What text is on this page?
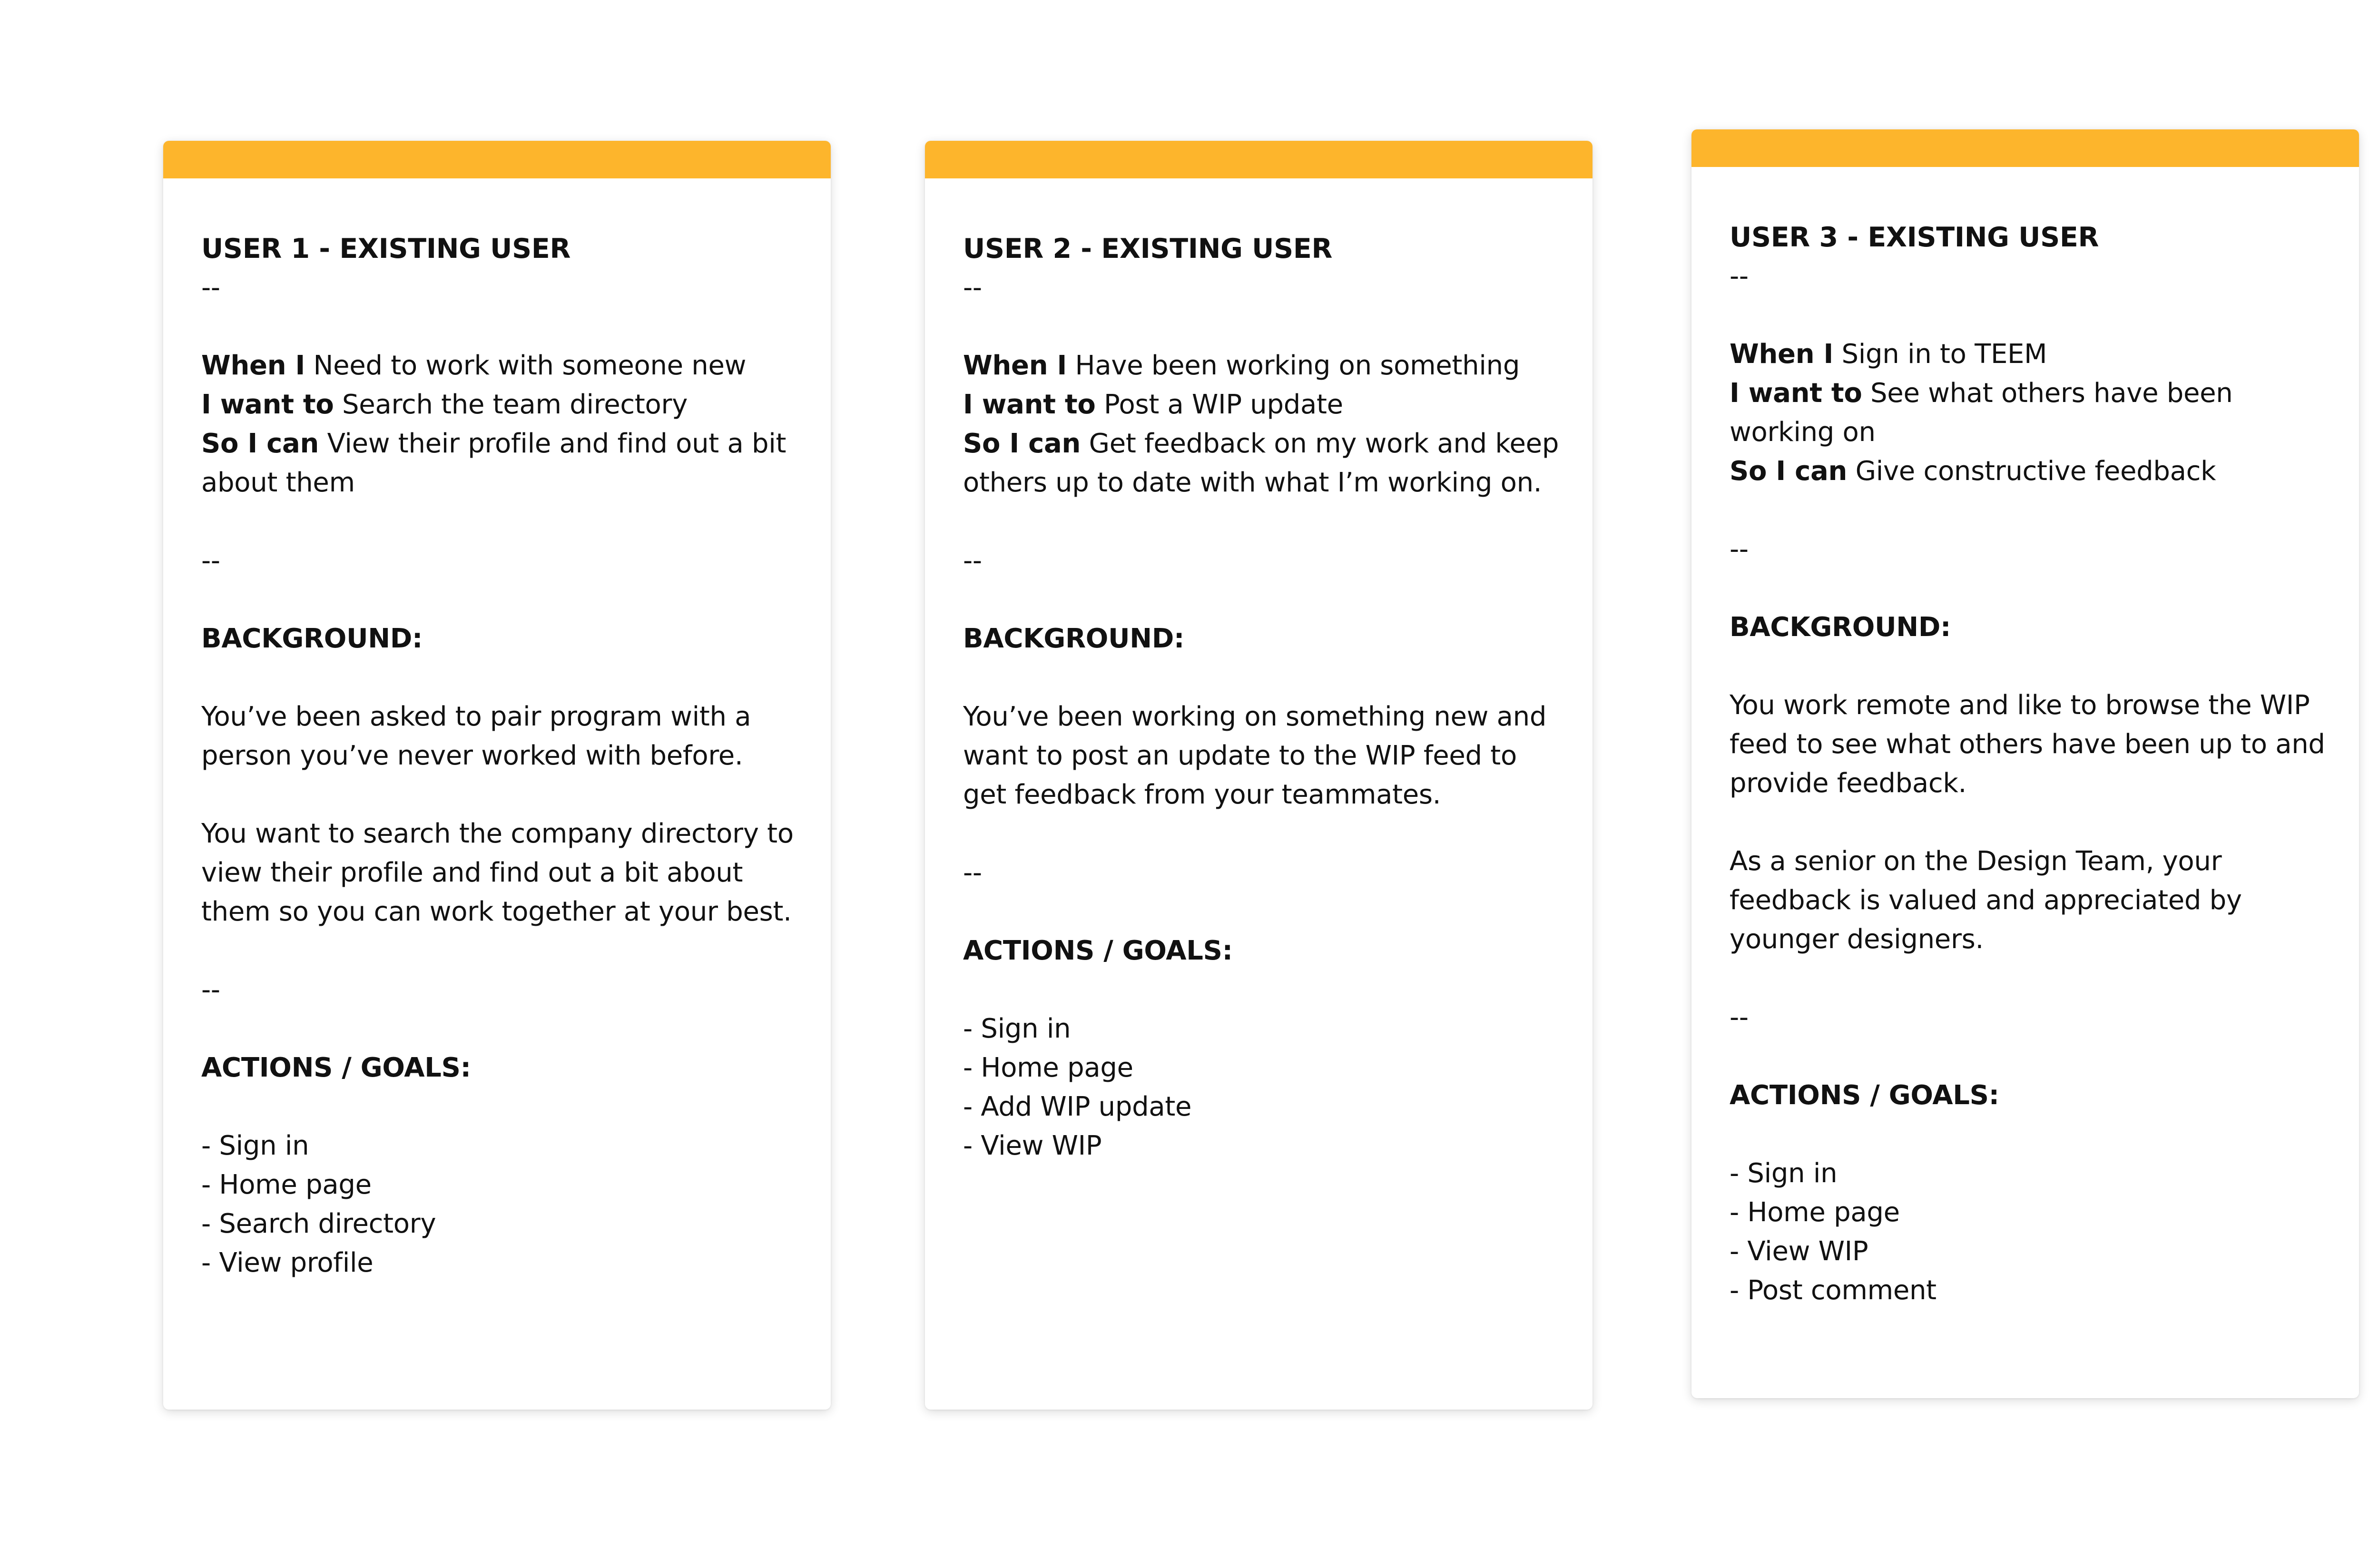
USER 1 - EXISTING USER
--
When I Need to work with someone new
I want to Search the team directory
So I can View their profile and find out a bit
about them
--
BACKGROUND:
You’ve been asked to pair program with a
person you’ve never worked with before.
You want to search the company directory to
view their profile and find out a bit about
them so you can work together at your best.
--
ACTIONS / GOALS:
- Sign in
- Home page
- Search directory
- View profile
USER 2 - EXISTING USER
--
When I Have been working on something
I want to Post a WIP update
So I can Get feedback on my work and keep
others up to date with what I’m working on.
--
BACKGROUND:
You’ve been working on something new and
want to post an update to the WIP feed to
get feedback from your teammates.
--
ACTIONS / GOALS:
- Sign in
- Home page
- Add WIP update
- View WIP
USER 3 - EXISTING USER
--
When I Sign in to TEEM
I want to See what others have been
working on
So I can Give constructive feedback
--
BACKGROUND:
You work remote and like to browse the WIP
feed to see what others have been up to and
provide feedback.
As a senior on the Design Team, your
feedback is valued and appreciated by
younger designers.
--
ACTIONS / GOALS:
- Sign in
- Home page
- View WIP
- Post comment
